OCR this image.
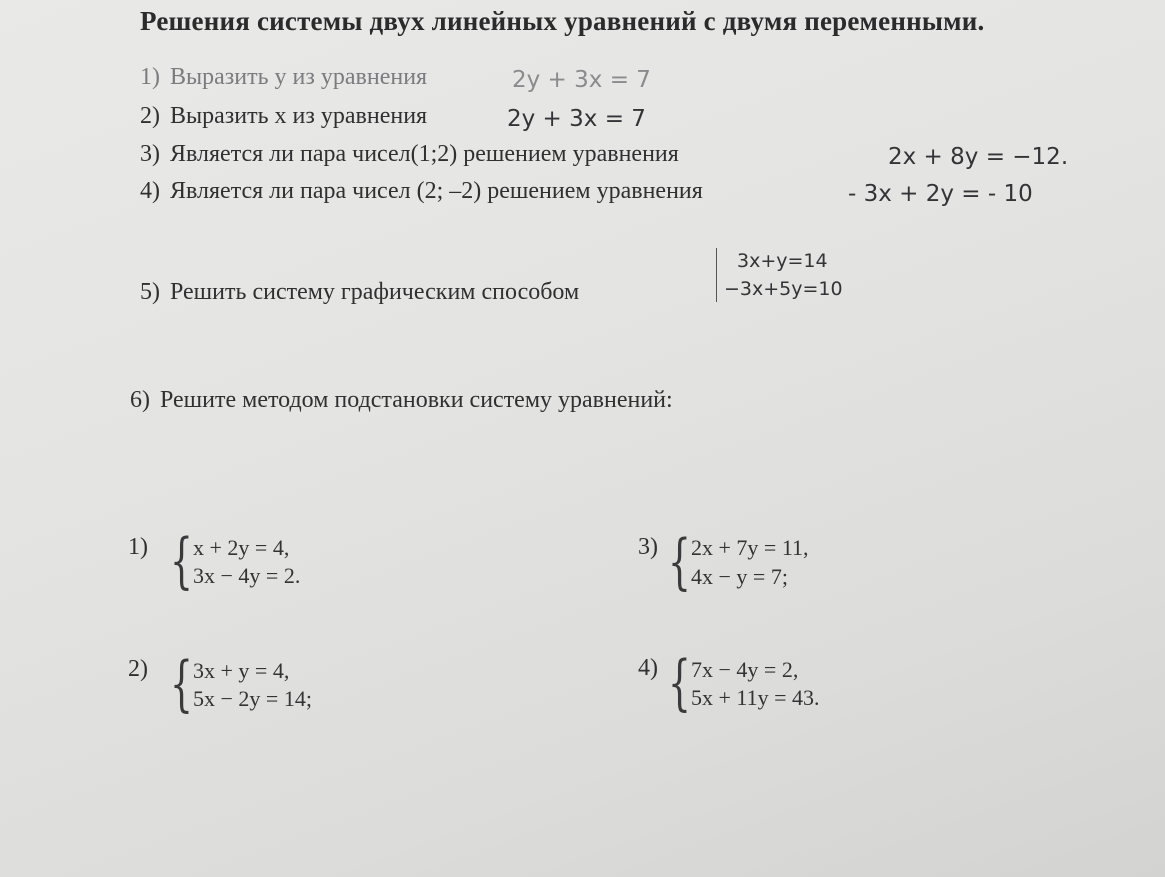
Решения системы двух линейных уравнений с двумя переменными.
1) Выразить у из уравнения	2y + 3x = 7
2) Выразить х из уравнения	2y + 3x = 7
3) Является ли пара чисел(1;2) решением уравнения	2x + 8y = −12.
4) Является ли пара чисел (2; –2) решением уравнения	- 3x + 2y = - 10
5) Решить систему графическим способом
3x+y=14
−3x+5y=10
6) Решите методом подстановки систему уравнений:
1) { x + 2y = 4,
3x − 4y = 2.
2) { 3x + y = 4,
5x − 2y = 14;
3) { 2x + 7y = 11,
4x − y = 7;
4) { 7x − 4y = 2,
5x + 11y = 43.
